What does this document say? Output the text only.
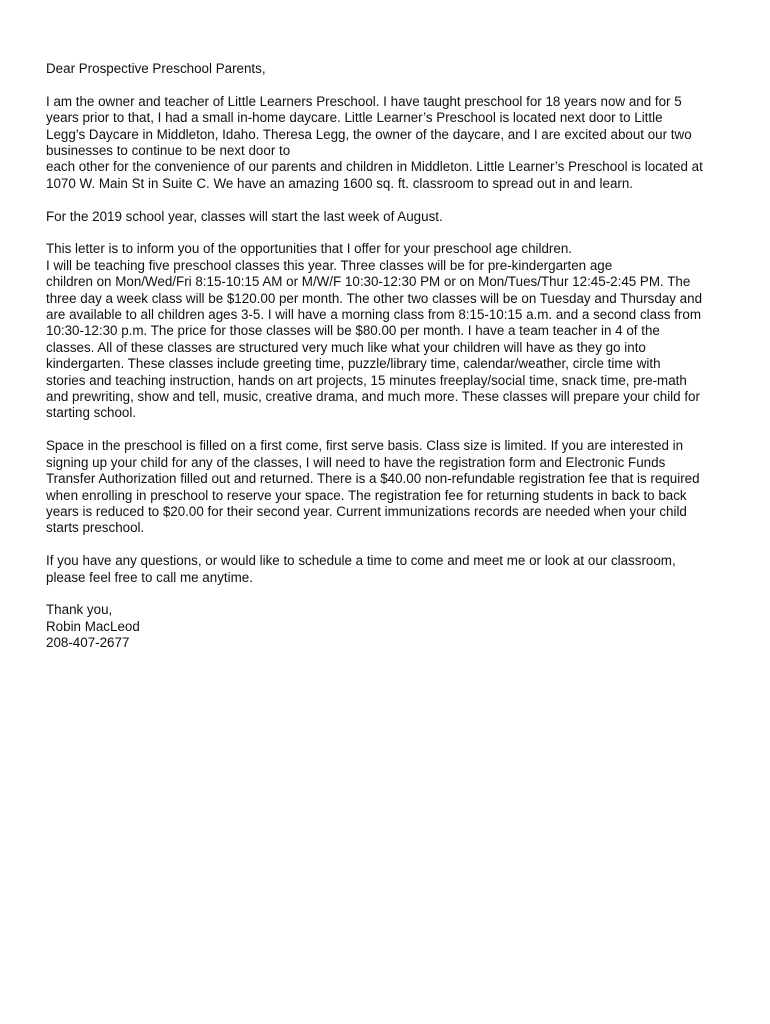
Dear Prospective Preschool Parents,
I am the owner and teacher of Little Learners Preschool. I have taught preschool for 18 years now and for 5
years prior to that, I had a small in-home daycare. Little Learner’s Preschool is located next door to Little
Legg’s Daycare in Middleton, Idaho. Theresa Legg, the owner of the daycare, and I are excited about our two
businesses to continue to be next door to
each other for the convenience of our parents and children in Middleton. Little Learner’s Preschool is located at
1070 W. Main St in Suite C. We have an amazing 1600 sq. ft. classroom to spread out in and learn.
For the 2019 school year, classes will start the last week of August.
This letter is to inform you of the opportunities that I offer for your preschool age children.
I will be teaching five preschool classes this year. Three classes will be for pre-kindergarten age
children on Mon/Wed/Fri 8:15-10:15 AM or M/W/F 10:30-12:30 PM or on Mon/Tues/Thur 12:45-2:45 PM. The
three day a week class will be $120.00 per month. The other two classes will be on Tuesday and Thursday and
are available to all children ages 3-5. I will have a morning class from 8:15-10:15 a.m. and a second class from
10:30-12:30 p.m. The price for those classes will be $80.00 per month. I have a team teacher in 4 of the
classes. All of these classes are structured very much like what your children will have as they go into
kindergarten. These classes include greeting time, puzzle/library time, calendar/weather, circle time with
stories and teaching instruction, hands on art projects, 15 minutes freeplay/social time, snack time, pre-math
and prewriting, show and tell, music, creative drama, and much more. These classes will prepare your child for
starting school.
Space in the preschool is filled on a first come, first serve basis. Class size is limited. If you are interested in
signing up your child for any of the classes, I will need to have the registration form and Electronic Funds
Transfer Authorization filled out and returned. There is a $40.00 non-refundable registration fee that is required
when enrolling in preschool to reserve your space. The registration fee for returning students in back to back
years is reduced to $20.00 for their second year. Current immunizations records are needed when your child
starts preschool.
If you have any questions, or would like to schedule a time to come and meet me or look at our classroom,
please feel free to call me anytime.
Thank you,
Robin MacLeod
208-407-2677
